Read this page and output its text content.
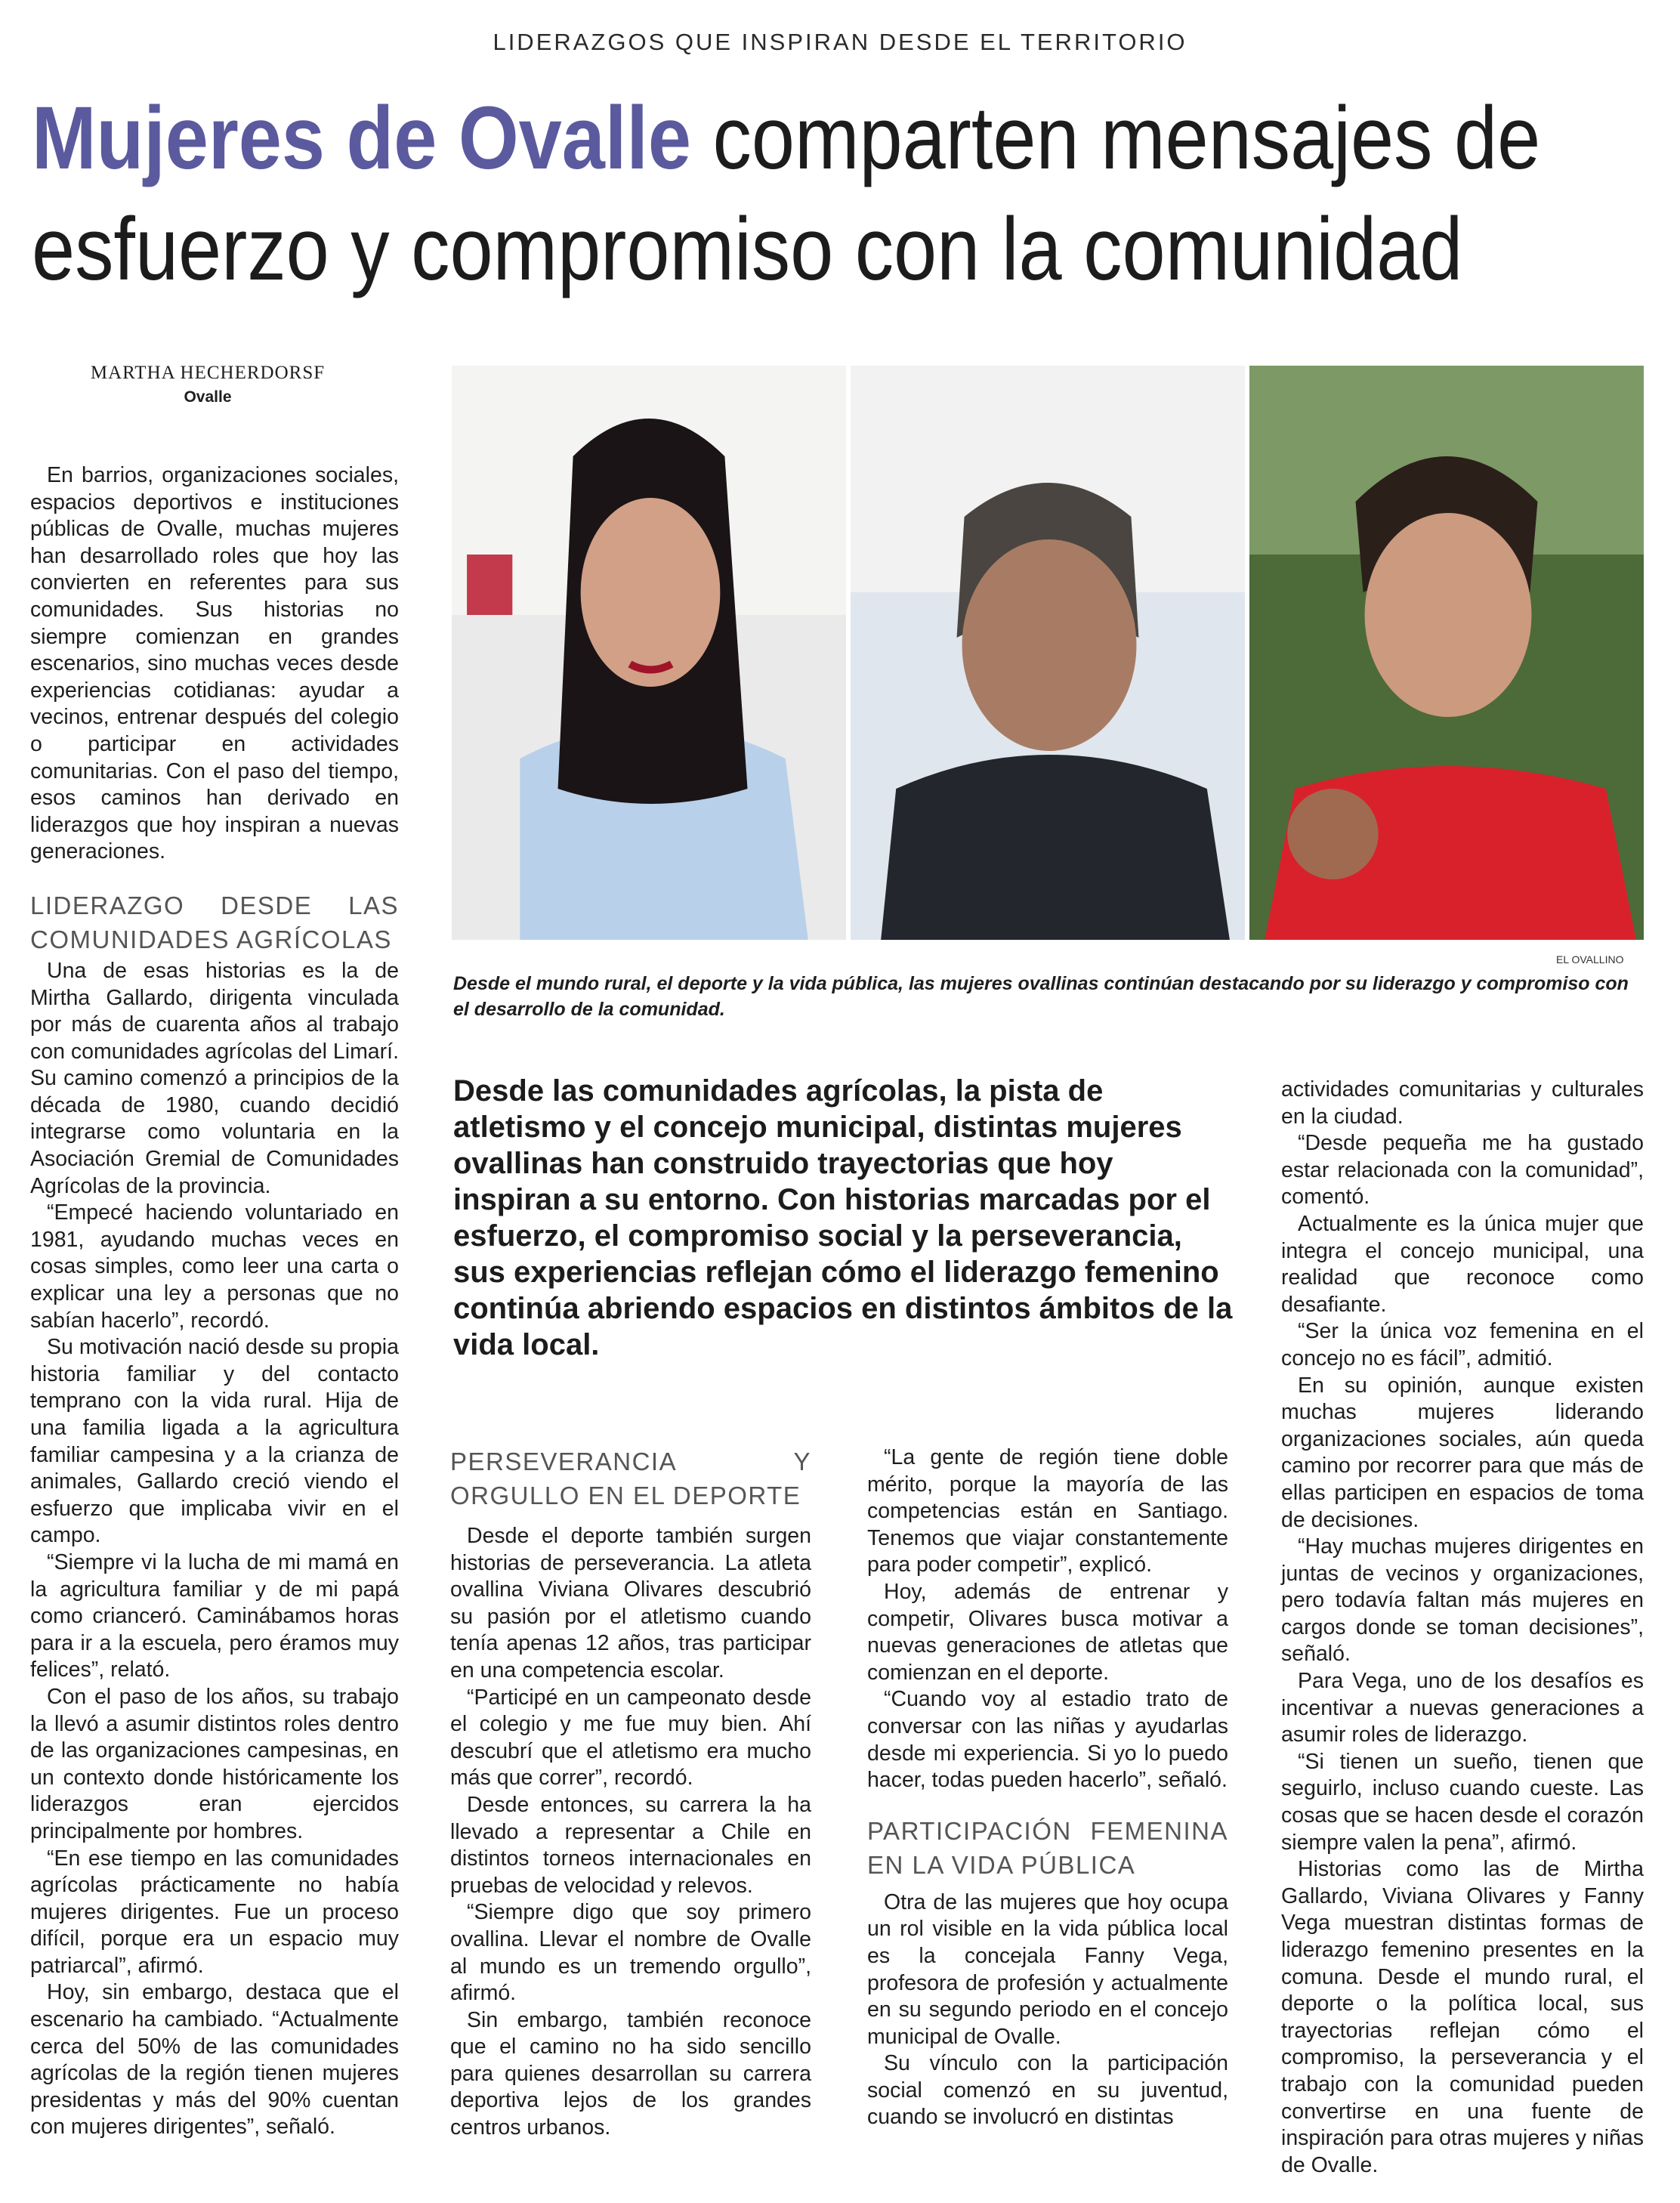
LIDERAZGOS QUE INSPIRAN DESDE EL TERRITORIO
Mujeres de Ovalle comparten mensajes de
esfuerzo y compromiso con la comunidad
MARTHA HECHERDORSF
Ovalle

En barrios, organizaciones sociales, espacios deportivos e instituciones públicas de Ovalle, muchas mujeres han desarrollado roles que hoy las convierten en referentes para sus comunidades. Sus historias no siempre comienzan en grandes escenarios, sino muchas veces desde experiencias cotidianas: ayudar a vecinos, entrenar después del colegio o participar en actividades comunitarias. Con el paso del tiempo, esos caminos han derivado en liderazgos que hoy inspiran a nuevas generaciones.

LIDERAZGO DESDE LAS COMUNIDADES AGRÍCOLAS

Una de esas historias es la de Mirtha Gallardo, dirigenta vinculada por más de cuarenta años al trabajo con comunidades agrícolas del Limarí. Su camino comenzó a principios de la década de 1980, cuando decidió integrarse como voluntaria en la Asociación Gremial de Comunidades Agrícolas de la provincia.

“Empecé haciendo voluntariado en 1981, ayudando muchas veces en cosas simples, como leer una carta o explicar una ley a personas que no sabían hacerlo”, recordó.

Su motivación nació desde su propia historia familiar y del contacto temprano con la vida rural. Hija de una familia ligada a la agricultura familiar campesina y a la crianza de animales, Gallardo creció viendo el esfuerzo que implicaba vivir en el campo.

“Siempre vi la lucha de mi mamá en la agricultura familiar y de mi papá como crianceró. Caminábamos horas para ir a la escuela, pero éramos muy felices”, relató.

Con el paso de los años, su trabajo la llevó a asumir distintos roles dentro de las organizaciones campesinas, en un contexto donde históricamente los liderazgos eran ejercidos principalmente por hombres.

“En ese tiempo en las comunidades agrícolas prácticamente no había mujeres dirigentes. Fue un proceso difícil, porque era un espacio muy patriarcal”, afirmó.

Hoy, sin embargo, destaca que el escenario ha cambiado. “Actualmente cerca del 50% de las comunidades agrícolas de la región tienen mujeres presidentas y más del 90% cuentan con mujeres dirigentes”, señaló.

EL OVALLINO
Desde el mundo rural, el deporte y la vida pública, las mujeres ovallinas continúan destacando por su liderazgo y compromiso con el desarrollo de la comunidad.
Desde las comunidades agrícolas, la pista de atletismo y el concejo municipal, distintas mujeres ovallinas han construido trayectorias que hoy inspiran a su entorno. Con historias marcadas por el esfuerzo, el compromiso social y la perseverancia, sus experiencias reflejan cómo el liderazgo femenino continúa abriendo espacios en distintos ámbitos de la vida local.
PERSEVERANCIA Y ORGULLO EN EL DEPORTE

Desde el deporte también surgen historias de perseverancia. La atleta ovallina Viviana Olivares descubrió su pasión por el atletismo cuando tenía apenas 12 años, tras participar en una competencia escolar.

“Participé en un campeonato desde el colegio y me fue muy bien. Ahí descubrí que el atletismo era mucho más que correr”, recordó.

Desde entonces, su carrera la ha llevado a representar a Chile en distintos torneos internacionales en pruebas de velocidad y relevos.

“Siempre digo que soy primero ovallina. Llevar el nombre de Ovalle al mundo es un tremendo orgullo”, afirmó.

Sin embargo, también reconoce que el camino no ha sido sencillo para quienes desarrollan su carrera deportiva lejos de los grandes centros urbanos.

“La gente de región tiene doble mérito, porque la mayoría de las competencias están en Santiago. Tenemos que viajar constantemente para poder competir”, explicó.

Hoy, además de entrenar y competir, Olivares busca motivar a nuevas generaciones de atletas que comienzan en el deporte.

“Cuando voy al estadio trato de conversar con las niñas y ayudarlas desde mi experiencia. Si yo lo puedo hacer, todas pueden hacerlo”, señaló.

PARTICIPACIÓN FEMENINA EN LA VIDA PÚBLICA

Otra de las mujeres que hoy ocupa un rol visible en la vida pública local es la concejala Fanny Vega, profesora de profesión y actualmente en su segundo periodo en el concejo municipal de Ovalle.

Su vínculo con la participación social comenzó en su juventud, cuando se involucró en distintas

actividades comunitarias y culturales en la ciudad.

“Desde pequeña me ha gustado estar relacionada con la comunidad”, comentó.

Actualmente es la única mujer que integra el concejo municipal, una realidad que reconoce como desafiante.

“Ser la única voz femenina en el concejo no es fácil”, admitió.

En su opinión, aunque existen muchas mujeres liderando organizaciones sociales, aún queda camino por recorrer para que más de ellas participen en espacios de toma de decisiones.

“Hay muchas mujeres dirigentes en juntas de vecinos y organizaciones, pero todavía faltan más mujeres en cargos donde se toman decisiones”, señaló.

Para Vega, uno de los desafíos es incentivar a nuevas generaciones a asumir roles de liderazgo.

“Si tienen un sueño, tienen que seguirlo, incluso cuando cueste. Las cosas que se hacen desde el corazón siempre valen la pena”, afirmó.

Historias como las de Mirtha Gallardo, Viviana Olivares y Fanny Vega muestran distintas formas de liderazgo femenino presentes en la comuna. Desde el mundo rural, el deporte o la política local, sus trayectorias reflejan cómo el compromiso, la perseverancia y el trabajo con la comunidad pueden convertirse en una fuente de inspiración para otras mujeres y niñas de Ovalle.
